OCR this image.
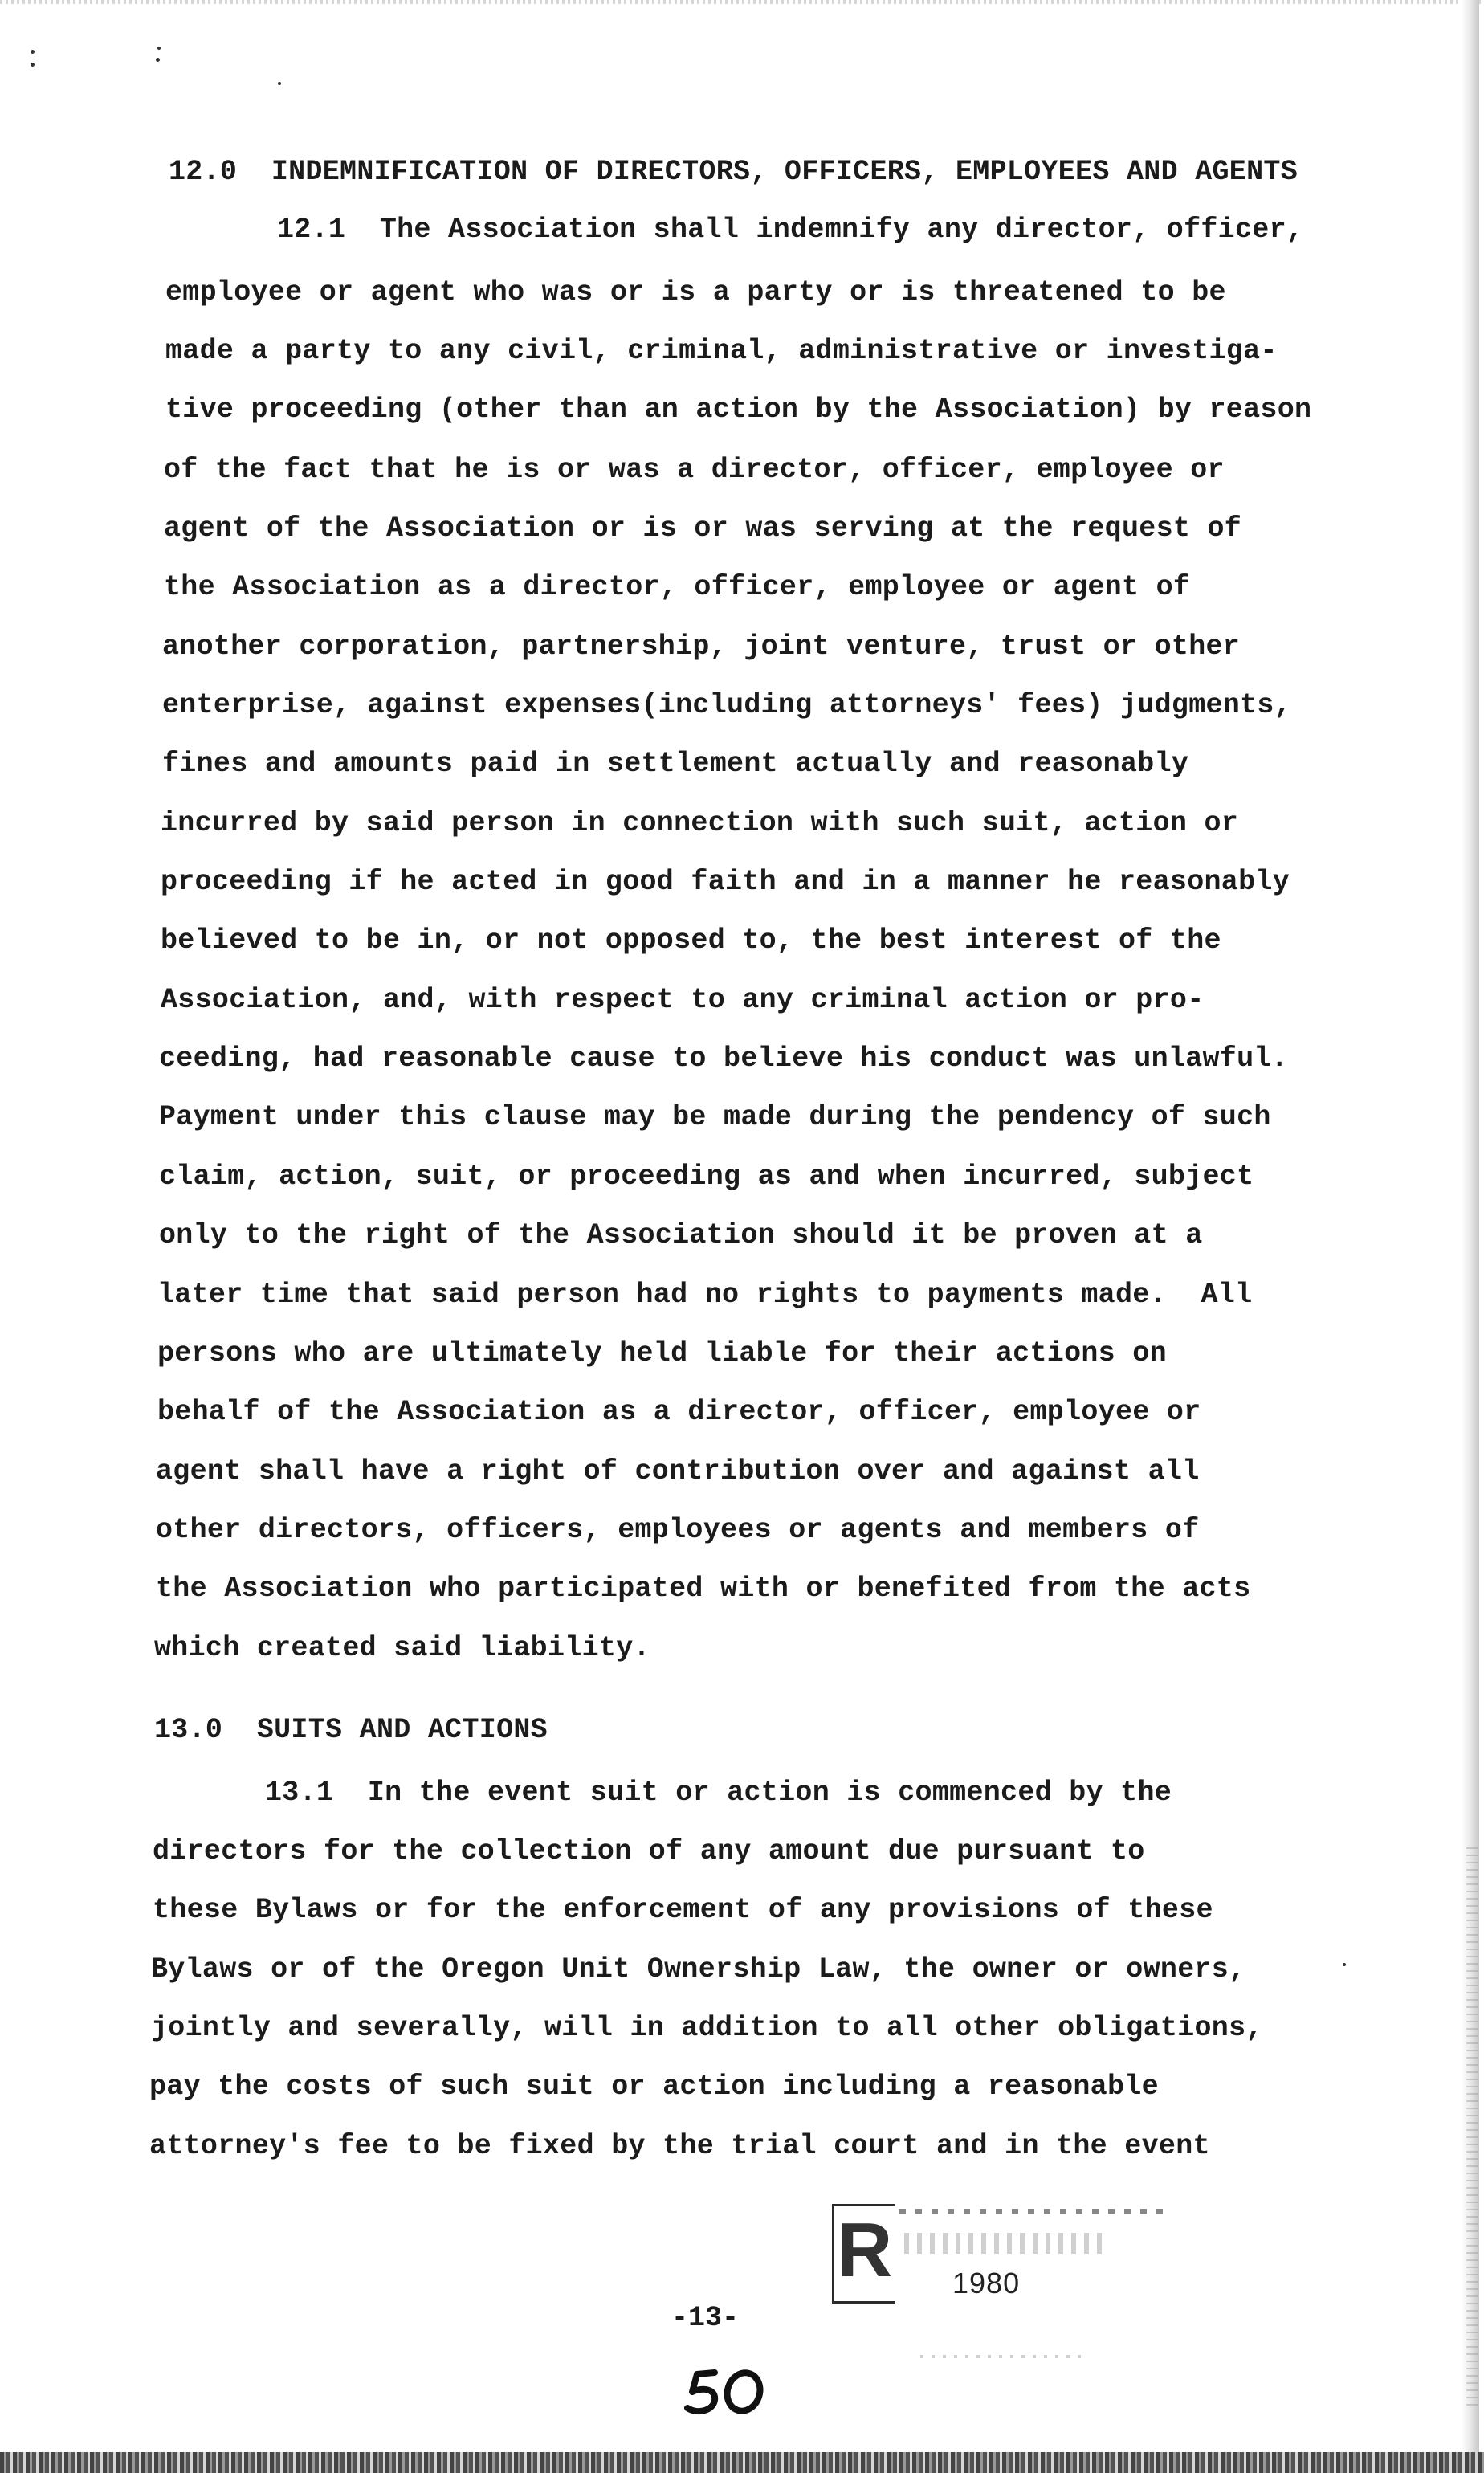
12.0  INDEMNIFICATION OF DIRECTORS, OFFICERS, EMPLOYEES AND AGENTS
12.1  The Association shall indemnify any director, officer,
employee or agent who was or is a party or is threatened to be
made a party to any civil, criminal, administrative or investiga-
tive proceeding (other than an action by the Association) by reason
of the fact that he is or was a director, officer, employee or
agent of the Association or is or was serving at the request of
the Association as a director, officer, employee or agent of
another corporation, partnership, joint venture, trust or other
enterprise, against expenses(including attorneys' fees) judgments,
fines and amounts paid in settlement actually and reasonably
incurred by said person in connection with such suit, action or
proceeding if he acted in good faith and in a manner he reasonably
believed to be in, or not opposed to, the best interest of the
Association, and, with respect to any criminal action or pro-
ceeding, had reasonable cause to believe his conduct was unlawful.
Payment under this clause may be made during the pendency of such
claim, action, suit, or proceeding as and when incurred, subject
only to the right of the Association should it be proven at a
later time that said person had no rights to payments made.  All
persons who are ultimately held liable for their actions on
behalf of the Association as a director, officer, employee or
agent shall have a right of contribution over and against all
other directors, officers, employees or agents and members of
the Association who participated with or benefited from the acts
which created said liability.
13.0  SUITS AND ACTIONS
13.1  In the event suit or action is commenced by the
directors for the collection of any amount due pursuant to
these Bylaws or for the enforcement of any provisions of these
Bylaws or of the Oregon Unit Ownership Law, the owner or owners,
jointly and severally, will in addition to all other obligations,
pay the costs of such suit or action including a reasonable
attorney's fee to be fixed by the trial court and in the event
R 1980
-13-
